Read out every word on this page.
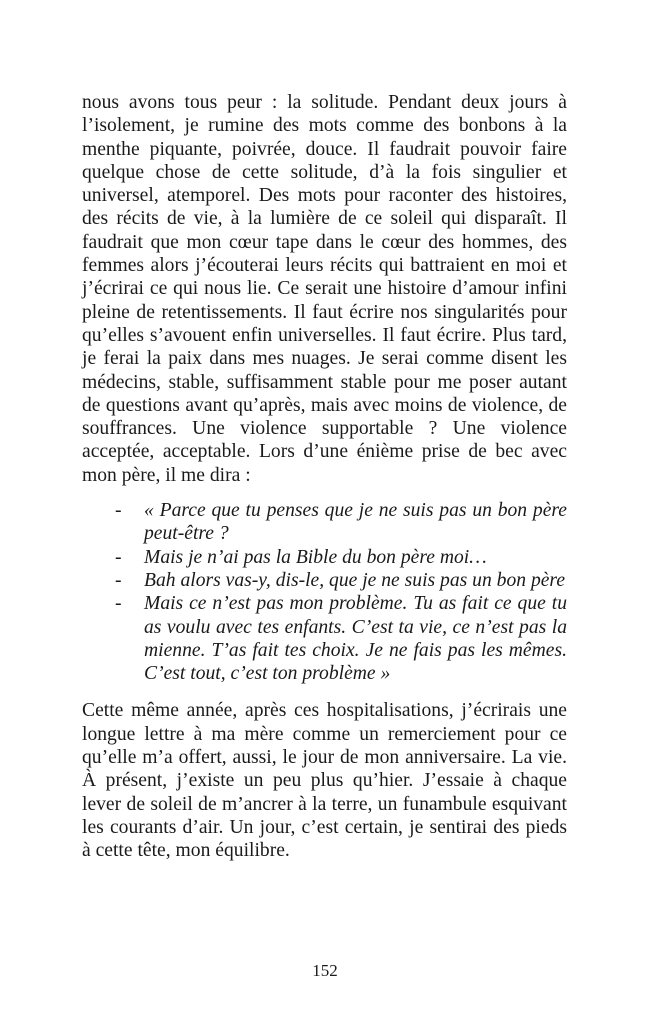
nous avons tous peur : la solitude. Pendant deux jours à l’isolement, je rumine des mots comme des bonbons à la menthe piquante, poivrée, douce. Il faudrait pouvoir faire quelque chose de cette solitude, d’à la fois singulier et universel, atemporel. Des mots pour raconter des histoires, des récits de vie, à la lumière de ce soleil qui disparaît. Il faudrait que mon cœur tape dans le cœur des hommes, des femmes alors j’écouterai leurs récits qui battraient en moi et j’écrirai ce qui nous lie. Ce serait une histoire d’amour infini pleine de retentissements. Il faut écrire nos singularités pour qu’elles s’avouent enfin universelles. Il faut écrire. Plus tard, je ferai la paix dans mes nuages. Je serai comme disent les médecins, stable, suffisamment stable pour me poser autant de questions avant qu’après, mais avec moins de violence, de souffrances. Une violence supportable ? Une violence acceptée, acceptable. Lors d’une énième prise de bec avec mon père, il me dira :

- « Parce que tu penses que je ne suis pas un bon père peut-être ?
- Mais je n’ai pas la Bible du bon père moi…
- Bah alors vas-y, dis-le, que je ne suis pas un bon père
- Mais ce n’est pas mon problème. Tu as fait ce que tu as voulu avec tes enfants. C’est ta vie, ce n’est pas la mienne. T’as fait tes choix. Je ne fais pas les mêmes. C’est tout, c’est ton problème »

Cette même année, après ces hospitalisations, j’écrirais une longue lettre à ma mère comme un remerciement pour ce qu’elle m’a offert, aussi, le jour de mon anniversaire. La vie. À présent, j’existe un peu plus qu’hier. J’essaie à chaque lever de soleil de m’ancrer à la terre, un funambule esquivant les courants d’air. Un jour, c’est certain, je sentirai des pieds à cette tête, mon équilibre.

152
